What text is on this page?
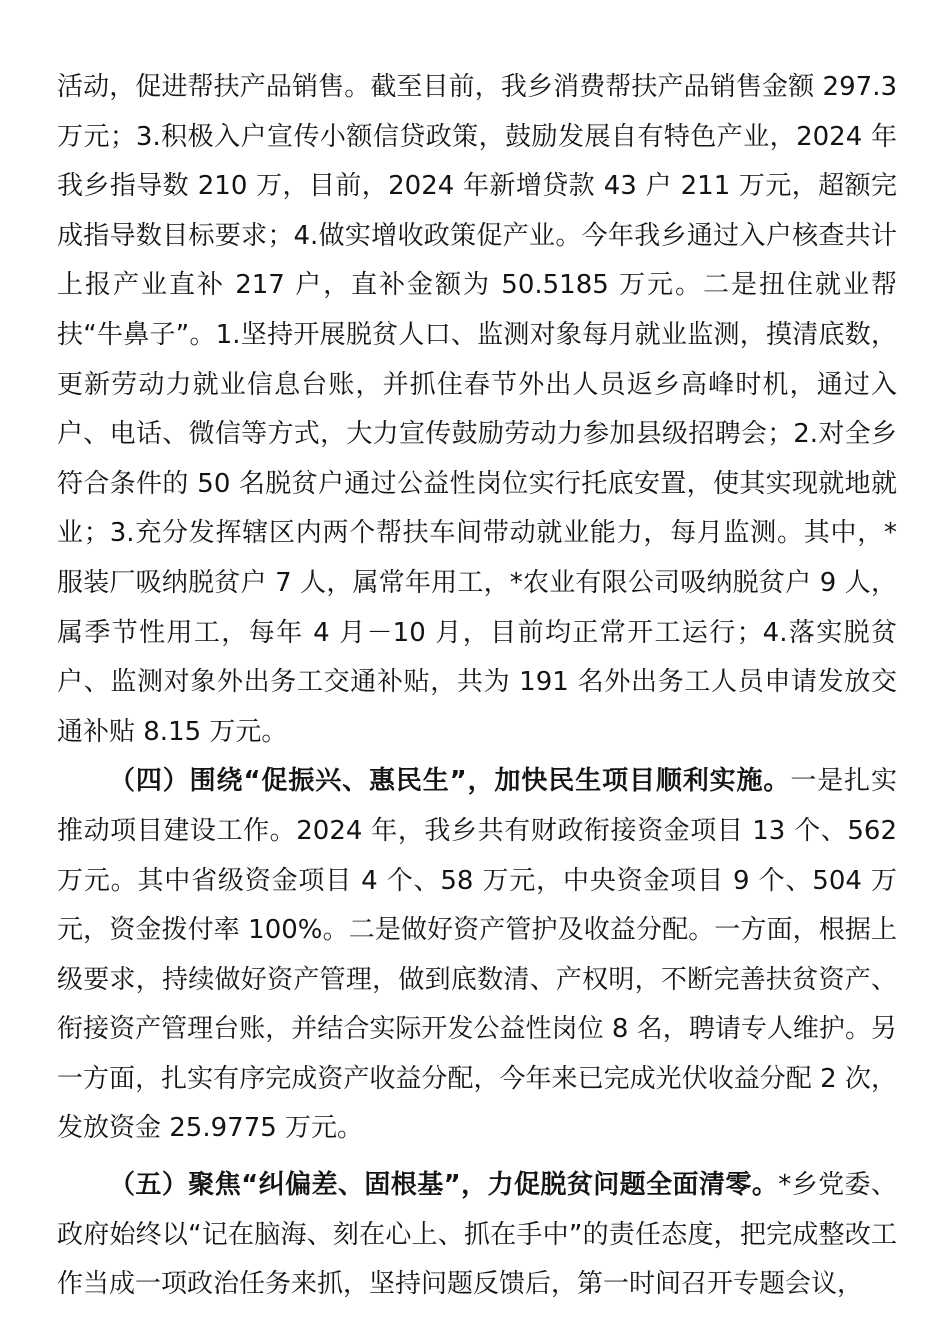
活动，促进帮扶产品销售。截至目前，我乡消费帮扶产品销售金额 297.3 万元；3.积极入户宣传小额信贷政策，鼓励发展自有特色产业，2024 年我乡指导数 210 万，目前，2024 年新增贷款 43 户 211 万元，超额完成指导数目标要求；4.做实增收政策促产业。今年我乡通过入户核查共计上报产业直补 217 户，直补金额为 50.5185 万元。二是扭住就业帮扶“牛鼻子”。1.坚持开展脱贫人口、监测对象每月就业监测，摸清底数，更新劳动力就业信息台账，并抓住春节外出人员返乡高峰时机，通过入户、电话、微信等方式，大力宣传鼓励劳动力参加县级招聘会；2.对全乡符合条件的 50 名脱贫户通过公益性岗位实行托底安置，使其实现就地就业；3.充分发挥辖区内两个帮扶车间带动就业能力，每月监测。其中，*服装厂吸纳脱贫户 7 人，属常年用工，*农业有限公司吸纳脱贫户 9 人，属季节性用工，每年 4 月－10 月，目前均正常开工运行；4.落实脱贫户、监测对象外出务工交通补贴，共为 191 名外出务工人员申请发放交通补贴 8.15 万元。

（四）围绕“促振兴、惠民生”，加快民生项目顺利实施。一是扎实推动项目建设工作。2024 年，我乡共有财政衔接资金项目 13 个、562 万元。其中省级资金项目 4 个、58 万元，中央资金项目 9 个、504 万元，资金拨付率 100%。二是做好资产管护及收益分配。一方面，根据上级要求，持续做好资产管理，做到底数清、产权明，不断完善扶贫资产、衔接资产管理台账，并结合实际开发公益性岗位 8 名，聘请专人维护。另一方面，扎实有序完成资产收益分配，今年来已完成光伏收益分配 2 次，发放资金 25.9775 万元。

（五）聚焦“纠偏差、固根基”，力促脱贫问题全面清零。*乡党委、政府始终以“记在脑海、刻在心上、抓在手中”的责任态度，把完成整改工作当成一项政治任务来抓，坚持问题反馈后，第一时间召开专题会议，
